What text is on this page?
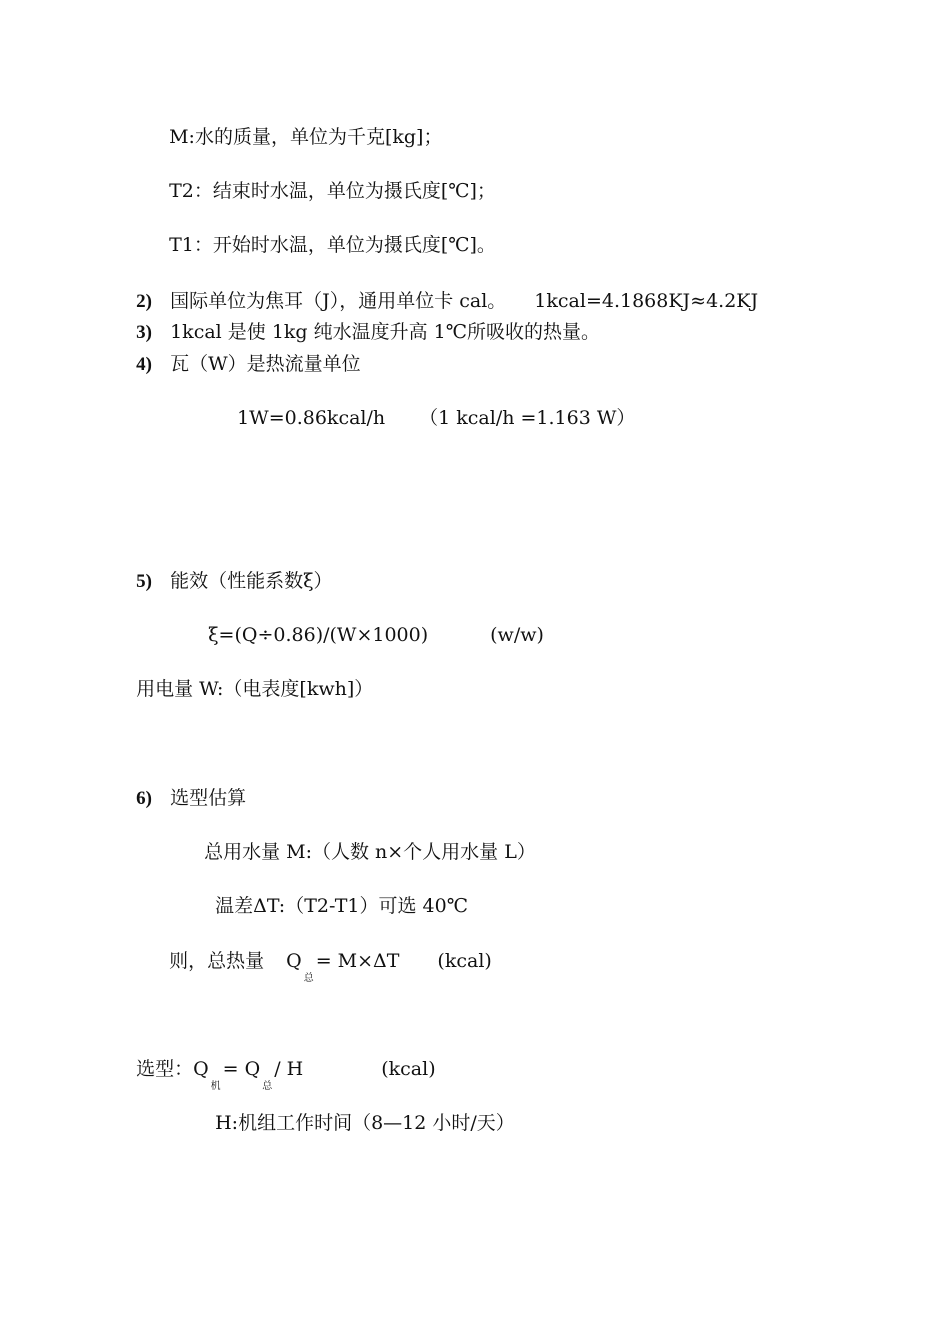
M:水的质量，单位为千克[kg]；

T2：结束时水温，单位为摄氏度[℃]；

T1：开始时水温，单位为摄氏度[℃]。

2) 国际单位为焦耳（J），通用单位卡 cal。 1kcal=4.1868KJ≈4.2KJ

3) 1kcal 是使 1kg 纯水温度升高 1℃所吸收的热量。

4) 瓦（W）是热流量单位

1W=0.86kcal/h （1 kcal/h =1.163 W）

5) 能效（性能系数ξ）

ξ=(Q÷0.86)/(W×1000)	(w/w)

用电量 W:（电表度[kwh]）

6) 选型估算

总用水量 M:（人数 n×个人用水量 L）

温差ΔT:（T2-T1）可选 40℃

则，总热量 $Q_总= M\times\Delta T$ (kcal)

选型：$Q_机= Q_总/$ H	(kcal)

H:机组工作时间（8—12 小时/天）
